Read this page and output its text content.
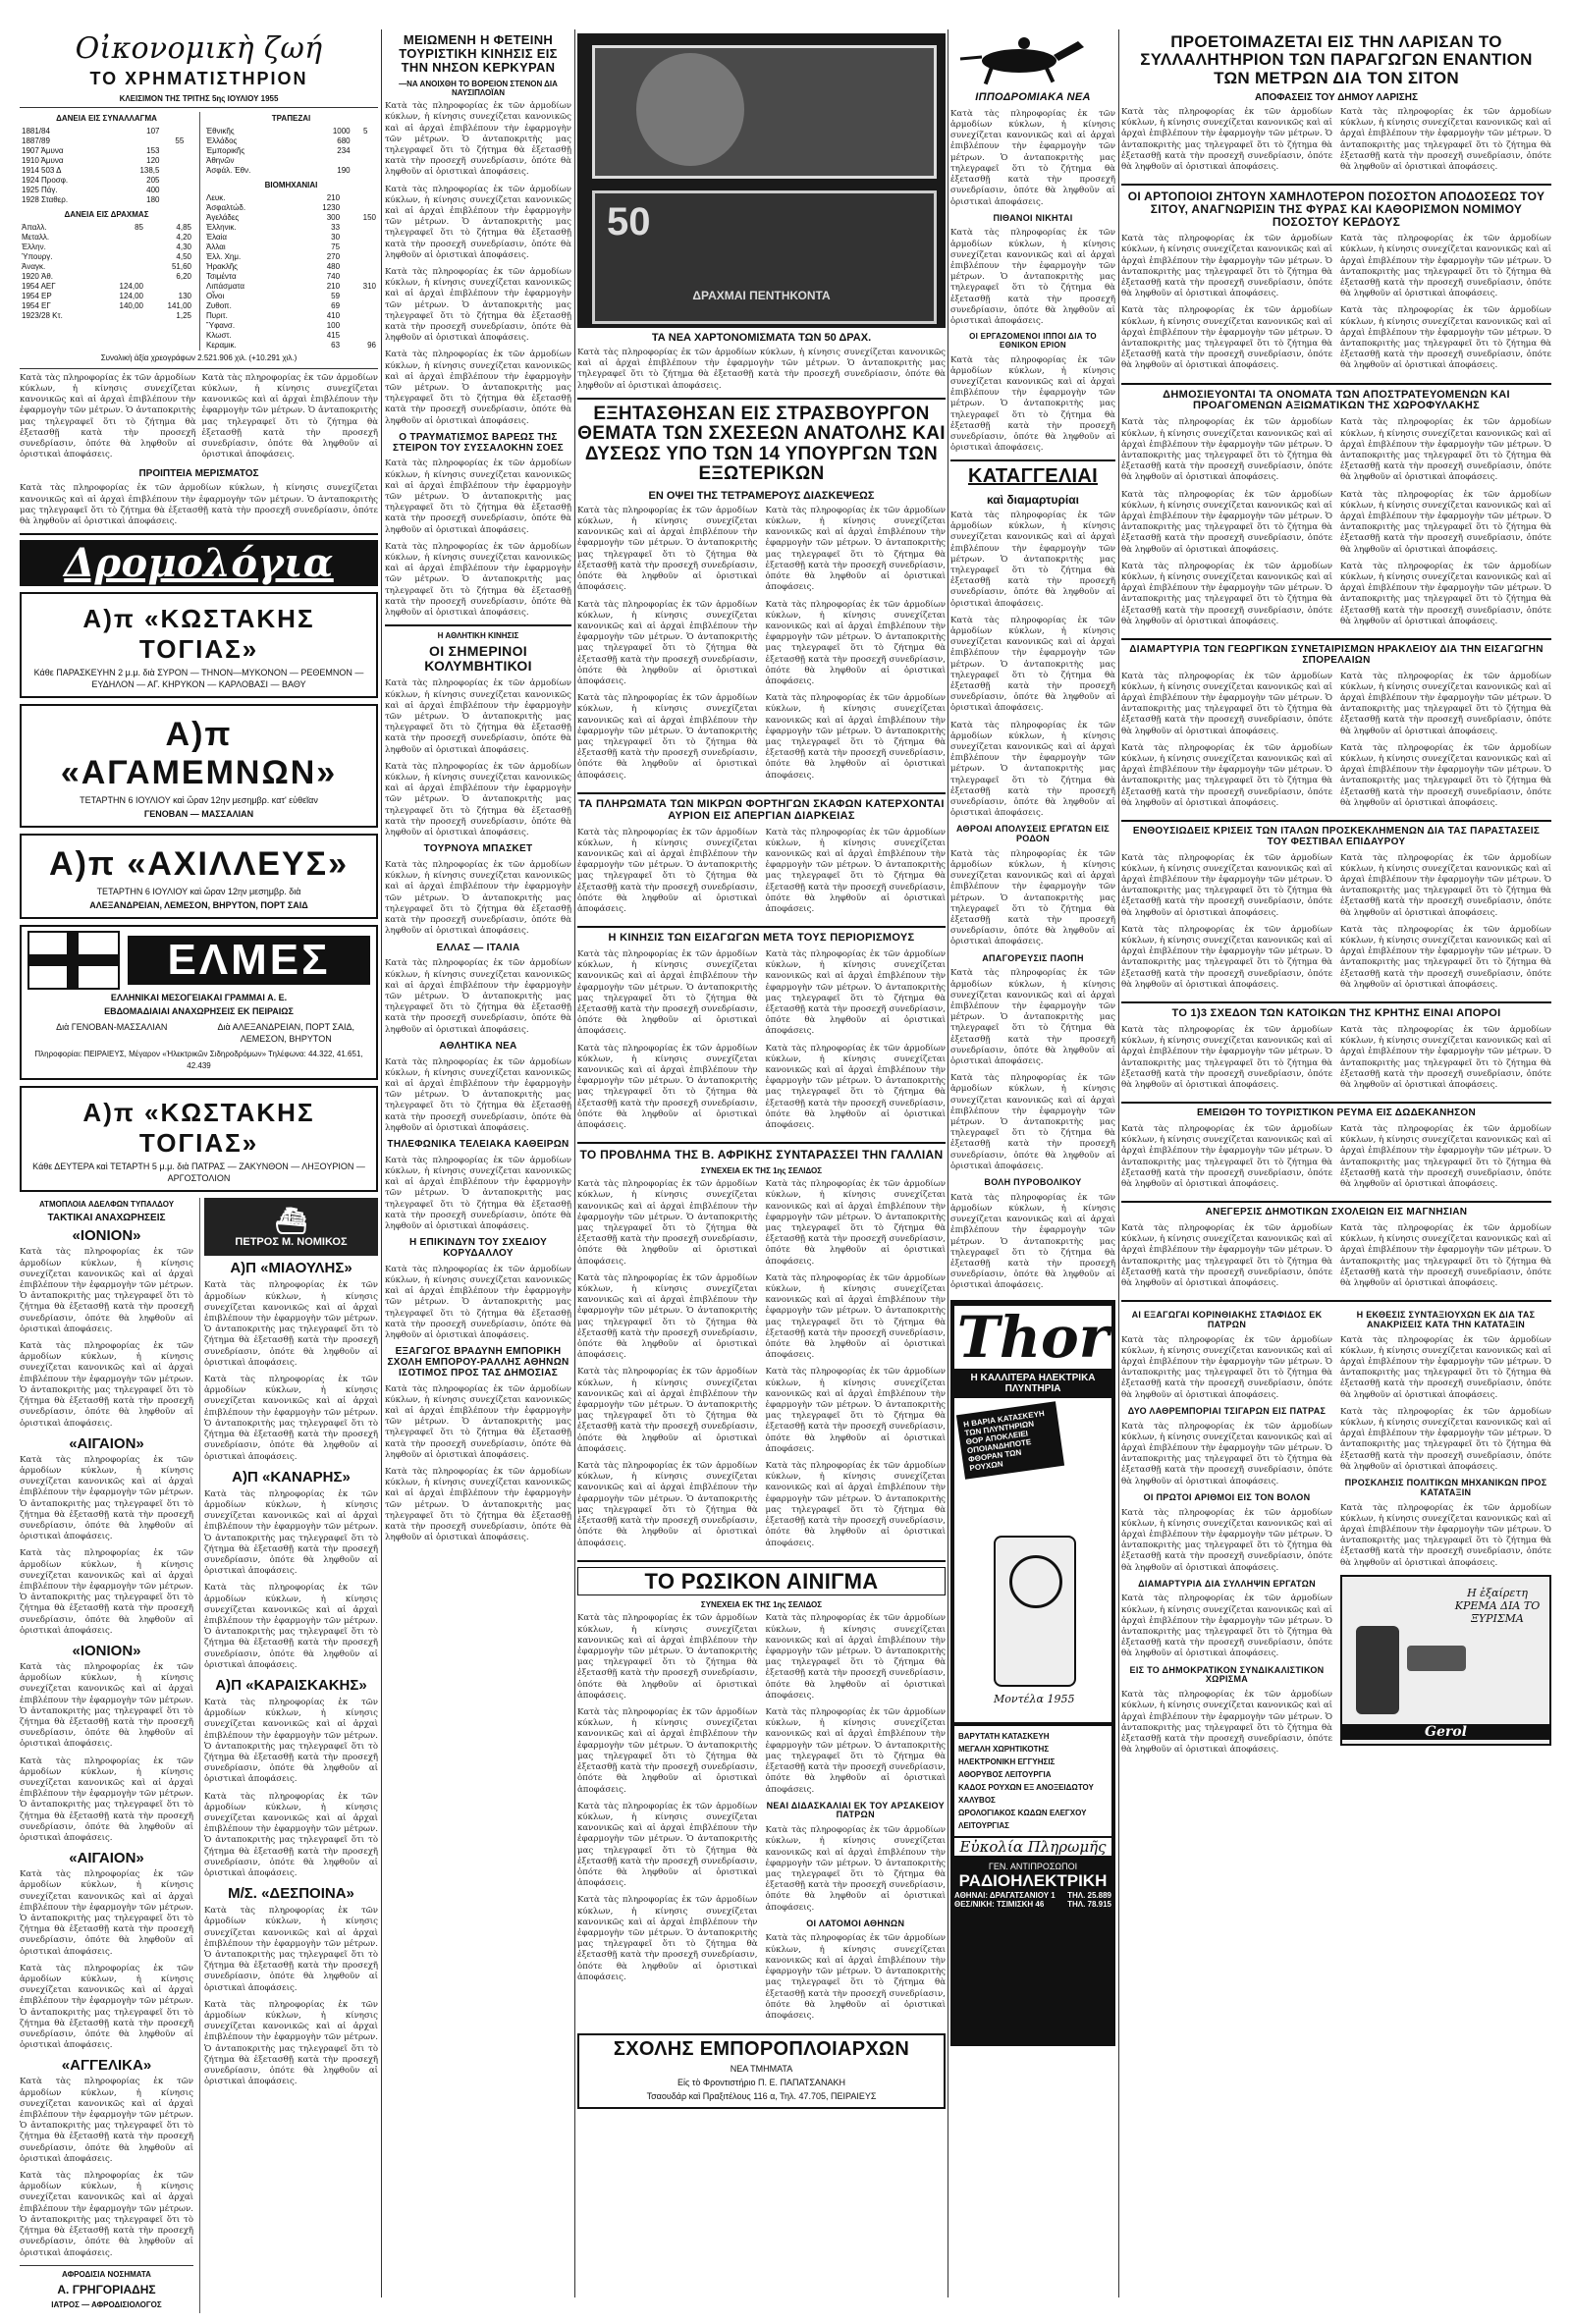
Οἰκονομικὴ ζωή
ΤΟ ΧΡΗΜΑΤΙΣΤΗΡΙΟΝ
ΚΛΕΙΣΙΜΟΝ ΤΗΣ ΤΡΙΤΗΣ 5ης ΙΟΥΛΙΟΥ 1955
ΔΑΝΕΙΑ ΕΙΣ ΣΥΝΑΛΛΑΓΜΑ
1881/84	107		
1887/89		55	
1907 Άμυνα	153		
1910 Άμυνα	120		
1914 503 Δ	138,5		
1924 Προσφ.	205		
1925 Πάγ.	400		
1928 Σταθερ.	180		
ΔΑΝΕΙΑ ΕΙΣ ΔΡΑΧΜΑΣ
Ἀπαλλ.	85	4,85
Μεταλλ.		4,20
Ἐλλην.		4,30
Ὑπουργ.		4,50
Ἀναγκ.		51,60
1920 Ἀθ.		6,20
1954 ΑΕΓ	124,00	
1954 ΕΡ	124,00	130
1954 ΕΓ	140,00	141,00
1923/28 Κτ.		1,25
ΤΡΑΠΕΖΑΙ
Ἐθνικῆς	1000	5	
Ἑλλάδος	680		
Ἐμπορικῆς	234		
Ἀθηνῶν			
Ἀσφάλ. Ἐθν.	190		
ΒΙΟΜΗΧΑΝΙΑΙ
Λευκ.	210	
Ἀσφαλτώδ.	1230	
Ἀγελάδες	300	150
Ἐλληνικ.	33	
Ἐλαία	30	
Ἀλλαι	75	
Ἐλλ. Χημ.	270	
Ἡρακλῆς	480	
Τσιμέντα	740	
Λιπάσματα	210	310
Οἶνοι	59	
Ζυθοπ.	69	
Πυριτ.	410	
Ὕφανσ.	100	
Κλωστ.	415	
Κεραμικ.	63	96
Συνολικὴ ἀξία χρεογράφων 2.521.906 χιλ. (+10.291 χιλ.)

Κατὰ τὰς πληροφορίας ἐκ τῶν ἁρμοδίων κύκλων, ἡ κίνησις συνεχίζεται κανονικῶς καὶ αἱ ἀρχαὶ ἐπιβλέπουν τὴν ἐφαρμογὴν τῶν μέτρων. Ὁ ἀνταποκριτὴς μας τηλεγραφεῖ ὅτι τὸ ζήτημα θὰ ἐξετασθῇ κατὰ τὴν προσεχῆ συνεδρίασιν, ὁπότε θὰ ληφθοῦν αἱ ὁριστικαὶ ἀποφάσεις.

Κατὰ τὰς πληροφορίας ἐκ τῶν ἁρμοδίων κύκλων, ἡ κίνησις συνεχίζεται κανονικῶς καὶ αἱ ἀρχαὶ ἐπιβλέπουν τὴν ἐφαρμογὴν τῶν μέτρων. Ὁ ἀνταποκριτὴς μας τηλεγραφεῖ ὅτι τὸ ζήτημα θὰ ἐξετασθῇ κατὰ τὴν προσεχῆ συνεδρίασιν, ὁπότε θὰ ληφθοῦν αἱ ὁριστικαὶ ἀποφάσεις.

ΠΡΟΙΠΤΕΙΑ ΜΕΡΙΣΜΑΤΟΣ

Κατὰ τὰς πληροφορίας ἐκ τῶν ἁρμοδίων κύκλων, ἡ κίνησις συνεχίζεται κανονικῶς καὶ αἱ ἀρχαὶ ἐπιβλέπουν τὴν ἐφαρμογὴν τῶν μέτρων. Ὁ ἀνταποκριτὴς μας τηλεγραφεῖ ὅτι τὸ ζήτημα θὰ ἐξετασθῇ κατὰ τὴν προσεχῆ συνεδρίασιν, ὁπότε θὰ ληφθοῦν αἱ ὁριστικαὶ ἀποφάσεις.

Δρομολόγια
Α)π «ΚΩΣΤΑΚΗΣ ΤΟΓΙΑΣ»
Κάθε ΠΑΡΑΣΚΕΥΗΝ 2 μ.μ. διὰ ΣΥΡΟΝ — ΤΗΝΟΝ—ΜΥΚΟΝΟΝ — ΡΕΘΕΜΝΟΝ — ΕΥΔΗΛΟΝ — ΑΓ. ΚΗΡΥΚΟΝ — ΚΑΡΛΟΒΑΣΙ — ΒΑΘΥ
Α)π «ΑΓΑΜΕΜΝΩΝ»
ΤΕΤΑΡΤΗΝ 6 ΙΟΥΛΙΟΥ καὶ ὥραν 12ην μεσημβρ. κατ' εὐθεῖαν
ΓΕΝΟΒΑΝ — ΜΑΣΣΑΛΙΑΝ
Α)π «ΑΧΙΛΛΕΥΣ»
ΤΕΤΑΡΤΗΝ 6 ΙΟΥΛΙΟΥ καὶ ὥραν 12ην μεσημβρ. διὰ
ΑΛΕΞΑΝΔΡΕΙΑΝ, ΛΕΜΕΣΟΝ, ΒΗΡΥΤΟΝ, ΠΟΡΤ ΣΑΙΔ
ΕΛΜΕΣ
ΕΛΛΗΝΙΚΑΙ ΜΕΣΟΓΕΙΑΚΑΙ ΓΡΑΜΜΑΙ Α. Ε.
ΕΒΔΟΜΑΔΙΑΙΑΙ ΑΝΑΧΩΡΗΣΕΙΣ ΕΚ ΠΕΙΡΑΙΩΣ
Διὰ ΓΕΝΟΒΑΝ-ΜΑΣΣΑΛΙΑΝ	Διὰ ΑΛΕΞΑΝΔΡΕΙΑΝ, ΠΟΡΤ ΣΑΙΔ, ΛΕΜΕΣΟΝ, ΒΗΡΥΤΟΝ
Πληροφορίαι: ΠΕΙΡΑΙΕΥΣ, Μέγαρον «Ἠλεκτρικῶν Σιδηροδρόμων» Τηλέφωνα: 44.322, 41.651, 42.439
Α)π «ΚΩΣΤΑΚΗΣ ΤΟΓΙΑΣ»
Κάθε ΔΕΥΤΕΡΑ καὶ ΤΕΤΑΡΤΗ 5 μ.μ. διὰ ΠΑΤΡΑΣ — ΖΑΚΥΝΘΟΝ — ΛΗΞΟΥΡΙΟΝ — ΑΡΓΟΣΤΟΛΙΟΝ
ΑΤΜΟΠΛΟΙΑ ΑΔΕΛΦΩΝ ΤΥΠΑΛΔΟΥ
ΤΑΚΤΙΚΑΙ ΑΝΑΧΩΡΗΣΕΙΣ
«ΙΟΝΙΟΝ»

Κατὰ τὰς πληροφορίας ἐκ τῶν ἁρμοδίων κύκλων, ἡ κίνησις συνεχίζεται κανονικῶς καὶ αἱ ἀρχαὶ ἐπιβλέπουν τὴν ἐφαρμογὴν τῶν μέτρων. Ὁ ἀνταποκριτὴς μας τηλεγραφεῖ ὅτι τὸ ζήτημα θὰ ἐξετασθῇ κατὰ τὴν προσεχῆ συνεδρίασιν, ὁπότε θὰ ληφθοῦν αἱ ὁριστικαὶ ἀποφάσεις.

Κατὰ τὰς πληροφορίας ἐκ τῶν ἁρμοδίων κύκλων, ἡ κίνησις συνεχίζεται κανονικῶς καὶ αἱ ἀρχαὶ ἐπιβλέπουν τὴν ἐφαρμογὴν τῶν μέτρων. Ὁ ἀνταποκριτὴς μας τηλεγραφεῖ ὅτι τὸ ζήτημα θὰ ἐξετασθῇ κατὰ τὴν προσεχῆ συνεδρίασιν, ὁπότε θὰ ληφθοῦν αἱ ὁριστικαὶ ἀποφάσεις.

«ΑΙΓΑΙΟΝ»

Κατὰ τὰς πληροφορίας ἐκ τῶν ἁρμοδίων κύκλων, ἡ κίνησις συνεχίζεται κανονικῶς καὶ αἱ ἀρχαὶ ἐπιβλέπουν τὴν ἐφαρμογὴν τῶν μέτρων. Ὁ ἀνταποκριτὴς μας τηλεγραφεῖ ὅτι τὸ ζήτημα θὰ ἐξετασθῇ κατὰ τὴν προσεχῆ συνεδρίασιν, ὁπότε θὰ ληφθοῦν αἱ ὁριστικαὶ ἀποφάσεις.

Κατὰ τὰς πληροφορίας ἐκ τῶν ἁρμοδίων κύκλων, ἡ κίνησις συνεχίζεται κανονικῶς καὶ αἱ ἀρχαὶ ἐπιβλέπουν τὴν ἐφαρμογὴν τῶν μέτρων. Ὁ ἀνταποκριτὴς μας τηλεγραφεῖ ὅτι τὸ ζήτημα θὰ ἐξετασθῇ κατὰ τὴν προσεχῆ συνεδρίασιν, ὁπότε θὰ ληφθοῦν αἱ ὁριστικαὶ ἀποφάσεις.

«ΙΟΝΙΟΝ»

Κατὰ τὰς πληροφορίας ἐκ τῶν ἁρμοδίων κύκλων, ἡ κίνησις συνεχίζεται κανονικῶς καὶ αἱ ἀρχαὶ ἐπιβλέπουν τὴν ἐφαρμογὴν τῶν μέτρων. Ὁ ἀνταποκριτὴς μας τηλεγραφεῖ ὅτι τὸ ζήτημα θὰ ἐξετασθῇ κατὰ τὴν προσεχῆ συνεδρίασιν, ὁπότε θὰ ληφθοῦν αἱ ὁριστικαὶ ἀποφάσεις.

Κατὰ τὰς πληροφορίας ἐκ τῶν ἁρμοδίων κύκλων, ἡ κίνησις συνεχίζεται κανονικῶς καὶ αἱ ἀρχαὶ ἐπιβλέπουν τὴν ἐφαρμογὴν τῶν μέτρων. Ὁ ἀνταποκριτὴς μας τηλεγραφεῖ ὅτι τὸ ζήτημα θὰ ἐξετασθῇ κατὰ τὴν προσεχῆ συνεδρίασιν, ὁπότε θὰ ληφθοῦν αἱ ὁριστικαὶ ἀποφάσεις.

«ΑΙΓΑΙΟΝ»

Κατὰ τὰς πληροφορίας ἐκ τῶν ἁρμοδίων κύκλων, ἡ κίνησις συνεχίζεται κανονικῶς καὶ αἱ ἀρχαὶ ἐπιβλέπουν τὴν ἐφαρμογὴν τῶν μέτρων. Ὁ ἀνταποκριτὴς μας τηλεγραφεῖ ὅτι τὸ ζήτημα θὰ ἐξετασθῇ κατὰ τὴν προσεχῆ συνεδρίασιν, ὁπότε θὰ ληφθοῦν αἱ ὁριστικαὶ ἀποφάσεις.

Κατὰ τὰς πληροφορίας ἐκ τῶν ἁρμοδίων κύκλων, ἡ κίνησις συνεχίζεται κανονικῶς καὶ αἱ ἀρχαὶ ἐπιβλέπουν τὴν ἐφαρμογὴν τῶν μέτρων. Ὁ ἀνταποκριτὴς μας τηλεγραφεῖ ὅτι τὸ ζήτημα θὰ ἐξετασθῇ κατὰ τὴν προσεχῆ συνεδρίασιν, ὁπότε θὰ ληφθοῦν αἱ ὁριστικαὶ ἀποφάσεις.

«ΑΓΓΕΛΙΚΑ»

Κατὰ τὰς πληροφορίας ἐκ τῶν ἁρμοδίων κύκλων, ἡ κίνησις συνεχίζεται κανονικῶς καὶ αἱ ἀρχαὶ ἐπιβλέπουν τὴν ἐφαρμογὴν τῶν μέτρων. Ὁ ἀνταποκριτὴς μας τηλεγραφεῖ ὅτι τὸ ζήτημα θὰ ἐξετασθῇ κατὰ τὴν προσεχῆ συνεδρίασιν, ὁπότε θὰ ληφθοῦν αἱ ὁριστικαὶ ἀποφάσεις.

Κατὰ τὰς πληροφορίας ἐκ τῶν ἁρμοδίων κύκλων, ἡ κίνησις συνεχίζεται κανονικῶς καὶ αἱ ἀρχαὶ ἐπιβλέπουν τὴν ἐφαρμογὴν τῶν μέτρων. Ὁ ἀνταποκριτὴς μας τηλεγραφεῖ ὅτι τὸ ζήτημα θὰ ἐξετασθῇ κατὰ τὴν προσεχῆ συνεδρίασιν, ὁπότε θὰ ληφθοῦν αἱ ὁριστικαὶ ἀποφάσεις.

ΑΦΡΟΔΙΣΙΑ ΝΟΣΗΜΑΤΑ
Α. ΓΡΗΓΟΡΙΑΔΗΣ
ΙΑΤΡΟΣ — ΑΦΡΟΔΙΣΙΟΛΟΓΟΣ
⛴
ΠΕΤΡΟΣ Μ. ΝΟΜΙΚΟΣ
Α)Π «ΜΙΑΟΥΛΗΣ»

Κατὰ τὰς πληροφορίας ἐκ τῶν ἁρμοδίων κύκλων, ἡ κίνησις συνεχίζεται κανονικῶς καὶ αἱ ἀρχαὶ ἐπιβλέπουν τὴν ἐφαρμογὴν τῶν μέτρων. Ὁ ἀνταποκριτὴς μας τηλεγραφεῖ ὅτι τὸ ζήτημα θὰ ἐξετασθῇ κατὰ τὴν προσεχῆ συνεδρίασιν, ὁπότε θὰ ληφθοῦν αἱ ὁριστικαὶ ἀποφάσεις.

Κατὰ τὰς πληροφορίας ἐκ τῶν ἁρμοδίων κύκλων, ἡ κίνησις συνεχίζεται κανονικῶς καὶ αἱ ἀρχαὶ ἐπιβλέπουν τὴν ἐφαρμογὴν τῶν μέτρων. Ὁ ἀνταποκριτὴς μας τηλεγραφεῖ ὅτι τὸ ζήτημα θὰ ἐξετασθῇ κατὰ τὴν προσεχῆ συνεδρίασιν, ὁπότε θὰ ληφθοῦν αἱ ὁριστικαὶ ἀποφάσεις.

Α)Π «ΚΑΝΑΡΗΣ»

Κατὰ τὰς πληροφορίας ἐκ τῶν ἁρμοδίων κύκλων, ἡ κίνησις συνεχίζεται κανονικῶς καὶ αἱ ἀρχαὶ ἐπιβλέπουν τὴν ἐφαρμογὴν τῶν μέτρων. Ὁ ἀνταποκριτὴς μας τηλεγραφεῖ ὅτι τὸ ζήτημα θὰ ἐξετασθῇ κατὰ τὴν προσεχῆ συνεδρίασιν, ὁπότε θὰ ληφθοῦν αἱ ὁριστικαὶ ἀποφάσεις.

Κατὰ τὰς πληροφορίας ἐκ τῶν ἁρμοδίων κύκλων, ἡ κίνησις συνεχίζεται κανονικῶς καὶ αἱ ἀρχαὶ ἐπιβλέπουν τὴν ἐφαρμογὴν τῶν μέτρων. Ὁ ἀνταποκριτὴς μας τηλεγραφεῖ ὅτι τὸ ζήτημα θὰ ἐξετασθῇ κατὰ τὴν προσεχῆ συνεδρίασιν, ὁπότε θὰ ληφθοῦν αἱ ὁριστικαὶ ἀποφάσεις.

Α)Π «ΚΑΡΑΙΣΚΑΚΗΣ»

Κατὰ τὰς πληροφορίας ἐκ τῶν ἁρμοδίων κύκλων, ἡ κίνησις συνεχίζεται κανονικῶς καὶ αἱ ἀρχαὶ ἐπιβλέπουν τὴν ἐφαρμογὴν τῶν μέτρων. Ὁ ἀνταποκριτὴς μας τηλεγραφεῖ ὅτι τὸ ζήτημα θὰ ἐξετασθῇ κατὰ τὴν προσεχῆ συνεδρίασιν, ὁπότε θὰ ληφθοῦν αἱ ὁριστικαὶ ἀποφάσεις.

Κατὰ τὰς πληροφορίας ἐκ τῶν ἁρμοδίων κύκλων, ἡ κίνησις συνεχίζεται κανονικῶς καὶ αἱ ἀρχαὶ ἐπιβλέπουν τὴν ἐφαρμογὴν τῶν μέτρων. Ὁ ἀνταποκριτὴς μας τηλεγραφεῖ ὅτι τὸ ζήτημα θὰ ἐξετασθῇ κατὰ τὴν προσεχῆ συνεδρίασιν, ὁπότε θὰ ληφθοῦν αἱ ὁριστικαὶ ἀποφάσεις.

Μ/Σ. «ΔΕΣΠΟΙΝΑ»

Κατὰ τὰς πληροφορίας ἐκ τῶν ἁρμοδίων κύκλων, ἡ κίνησις συνεχίζεται κανονικῶς καὶ αἱ ἀρχαὶ ἐπιβλέπουν τὴν ἐφαρμογὴν τῶν μέτρων. Ὁ ἀνταποκριτὴς μας τηλεγραφεῖ ὅτι τὸ ζήτημα θὰ ἐξετασθῇ κατὰ τὴν προσεχῆ συνεδρίασιν, ὁπότε θὰ ληφθοῦν αἱ ὁριστικαὶ ἀποφάσεις.

Κατὰ τὰς πληροφορίας ἐκ τῶν ἁρμοδίων κύκλων, ἡ κίνησις συνεχίζεται κανονικῶς καὶ αἱ ἀρχαὶ ἐπιβλέπουν τὴν ἐφαρμογὴν τῶν μέτρων. Ὁ ἀνταποκριτὴς μας τηλεγραφεῖ ὅτι τὸ ζήτημα θὰ ἐξετασθῇ κατὰ τὴν προσεχῆ συνεδρίασιν, ὁπότε θὰ ληφθοῦν αἱ ὁριστικαὶ ἀποφάσεις.

ΜΕΙΩΜΕΝΗ Η ΦΕΤΕΙΝΗ ΤΟΥΡΙΣΤΙΚΗ ΚΙΝΗΣΙΣ ΕΙΣ ΤΗΝ ΝΗΣΟΝ ΚΕΡΚΥΡΑΝ
—ΝΑ ΑΝΟΙΧΘΗ ΤΟ ΒΟΡΕΙΟΝ ΣΤΕΝΟΝ ΔΙΑ ΝΑΥΣΙΠΛΟΪΑΝ

Κατὰ τὰς πληροφορίας ἐκ τῶν ἁρμοδίων κύκλων, ἡ κίνησις συνεχίζεται κανονικῶς καὶ αἱ ἀρχαὶ ἐπιβλέπουν τὴν ἐφαρμογὴν τῶν μέτρων. Ὁ ἀνταποκριτὴς μας τηλεγραφεῖ ὅτι τὸ ζήτημα θὰ ἐξετασθῇ κατὰ τὴν προσεχῆ συνεδρίασιν, ὁπότε θὰ ληφθοῦν αἱ ὁριστικαὶ ἀποφάσεις.

Κατὰ τὰς πληροφορίας ἐκ τῶν ἁρμοδίων κύκλων, ἡ κίνησις συνεχίζεται κανονικῶς καὶ αἱ ἀρχαὶ ἐπιβλέπουν τὴν ἐφαρμογὴν τῶν μέτρων. Ὁ ἀνταποκριτὴς μας τηλεγραφεῖ ὅτι τὸ ζήτημα θὰ ἐξετασθῇ κατὰ τὴν προσεχῆ συνεδρίασιν, ὁπότε θὰ ληφθοῦν αἱ ὁριστικαὶ ἀποφάσεις.

Κατὰ τὰς πληροφορίας ἐκ τῶν ἁρμοδίων κύκλων, ἡ κίνησις συνεχίζεται κανονικῶς καὶ αἱ ἀρχαὶ ἐπιβλέπουν τὴν ἐφαρμογὴν τῶν μέτρων. Ὁ ἀνταποκριτὴς μας τηλεγραφεῖ ὅτι τὸ ζήτημα θὰ ἐξετασθῇ κατὰ τὴν προσεχῆ συνεδρίασιν, ὁπότε θὰ ληφθοῦν αἱ ὁριστικαὶ ἀποφάσεις.

Κατὰ τὰς πληροφορίας ἐκ τῶν ἁρμοδίων κύκλων, ἡ κίνησις συνεχίζεται κανονικῶς καὶ αἱ ἀρχαὶ ἐπιβλέπουν τὴν ἐφαρμογὴν τῶν μέτρων. Ὁ ἀνταποκριτὴς μας τηλεγραφεῖ ὅτι τὸ ζήτημα θὰ ἐξετασθῇ κατὰ τὴν προσεχῆ συνεδρίασιν, ὁπότε θὰ ληφθοῦν αἱ ὁριστικαὶ ἀποφάσεις.

Ο ΤΡΑΥΜΑΤΙΣΜΟΣ ΒΑΡΕΩΣ ΤΗΣ ΣΤΕΙΡΟΝ ΤΟΥ ΣΥΣΣΑΛΟΚΗΝ ΣΟΕΣ

Κατὰ τὰς πληροφορίας ἐκ τῶν ἁρμοδίων κύκλων, ἡ κίνησις συνεχίζεται κανονικῶς καὶ αἱ ἀρχαὶ ἐπιβλέπουν τὴν ἐφαρμογὴν τῶν μέτρων. Ὁ ἀνταποκριτὴς μας τηλεγραφεῖ ὅτι τὸ ζήτημα θὰ ἐξετασθῇ κατὰ τὴν προσεχῆ συνεδρίασιν, ὁπότε θὰ ληφθοῦν αἱ ὁριστικαὶ ἀποφάσεις.

Κατὰ τὰς πληροφορίας ἐκ τῶν ἁρμοδίων κύκλων, ἡ κίνησις συνεχίζεται κανονικῶς καὶ αἱ ἀρχαὶ ἐπιβλέπουν τὴν ἐφαρμογὴν τῶν μέτρων. Ὁ ἀνταποκριτὴς μας τηλεγραφεῖ ὅτι τὸ ζήτημα θὰ ἐξετασθῇ κατὰ τὴν προσεχῆ συνεδρίασιν, ὁπότε θὰ ληφθοῦν αἱ ὁριστικαὶ ἀποφάσεις.

Η ΑΘΛΗΤΙΚΗ ΚΙΝΗΣΙΣ
ΟΙ ΣΗΜΕΡΙΝΟΙ ΚΟΛΥΜΒΗΤΙΚΟΙ

Κατὰ τὰς πληροφορίας ἐκ τῶν ἁρμοδίων κύκλων, ἡ κίνησις συνεχίζεται κανονικῶς καὶ αἱ ἀρχαὶ ἐπιβλέπουν τὴν ἐφαρμογὴν τῶν μέτρων. Ὁ ἀνταποκριτὴς μας τηλεγραφεῖ ὅτι τὸ ζήτημα θὰ ἐξετασθῇ κατὰ τὴν προσεχῆ συνεδρίασιν, ὁπότε θὰ ληφθοῦν αἱ ὁριστικαὶ ἀποφάσεις.

Κατὰ τὰς πληροφορίας ἐκ τῶν ἁρμοδίων κύκλων, ἡ κίνησις συνεχίζεται κανονικῶς καὶ αἱ ἀρχαὶ ἐπιβλέπουν τὴν ἐφαρμογὴν τῶν μέτρων. Ὁ ἀνταποκριτὴς μας τηλεγραφεῖ ὅτι τὸ ζήτημα θὰ ἐξετασθῇ κατὰ τὴν προσεχῆ συνεδρίασιν, ὁπότε θὰ ληφθοῦν αἱ ὁριστικαὶ ἀποφάσεις.

ΤΟΥΡΝΟΥΑ ΜΠΑΣΚΕΤ

Κατὰ τὰς πληροφορίας ἐκ τῶν ἁρμοδίων κύκλων, ἡ κίνησις συνεχίζεται κανονικῶς καὶ αἱ ἀρχαὶ ἐπιβλέπουν τὴν ἐφαρμογὴν τῶν μέτρων. Ὁ ἀνταποκριτὴς μας τηλεγραφεῖ ὅτι τὸ ζήτημα θὰ ἐξετασθῇ κατὰ τὴν προσεχῆ συνεδρίασιν, ὁπότε θὰ ληφθοῦν αἱ ὁριστικαὶ ἀποφάσεις.

ΕΛΛΑΣ — ΙΤΑΛΙΑ

Κατὰ τὰς πληροφορίας ἐκ τῶν ἁρμοδίων κύκλων, ἡ κίνησις συνεχίζεται κανονικῶς καὶ αἱ ἀρχαὶ ἐπιβλέπουν τὴν ἐφαρμογὴν τῶν μέτρων. Ὁ ἀνταποκριτὴς μας τηλεγραφεῖ ὅτι τὸ ζήτημα θὰ ἐξετασθῇ κατὰ τὴν προσεχῆ συνεδρίασιν, ὁπότε θὰ ληφθοῦν αἱ ὁριστικαὶ ἀποφάσεις.

ΑΘΛΗΤΙΚΑ ΝΕΑ

Κατὰ τὰς πληροφορίας ἐκ τῶν ἁρμοδίων κύκλων, ἡ κίνησις συνεχίζεται κανονικῶς καὶ αἱ ἀρχαὶ ἐπιβλέπουν τὴν ἐφαρμογὴν τῶν μέτρων. Ὁ ἀνταποκριτὴς μας τηλεγραφεῖ ὅτι τὸ ζήτημα θὰ ἐξετασθῇ κατὰ τὴν προσεχῆ συνεδρίασιν, ὁπότε θὰ ληφθοῦν αἱ ὁριστικαὶ ἀποφάσεις.

ΤΗΛΕΦΩΝΙΚΑ ΤΕΛΕΙΑΚΑ ΚΑΘΕΙΡΩΝ

Κατὰ τὰς πληροφορίας ἐκ τῶν ἁρμοδίων κύκλων, ἡ κίνησις συνεχίζεται κανονικῶς καὶ αἱ ἀρχαὶ ἐπιβλέπουν τὴν ἐφαρμογὴν τῶν μέτρων. Ὁ ἀνταποκριτὴς μας τηλεγραφεῖ ὅτι τὸ ζήτημα θὰ ἐξετασθῇ κατὰ τὴν προσεχῆ συνεδρίασιν, ὁπότε θὰ ληφθοῦν αἱ ὁριστικαὶ ἀποφάσεις.

Η ΕΠΙΚΙΝΔΥΝ ΤΟΥ ΣΧΕΔΙΟΥ ΚΟΡΥΔΑΛΛΟΥ

Κατὰ τὰς πληροφορίας ἐκ τῶν ἁρμοδίων κύκλων, ἡ κίνησις συνεχίζεται κανονικῶς καὶ αἱ ἀρχαὶ ἐπιβλέπουν τὴν ἐφαρμογὴν τῶν μέτρων. Ὁ ἀνταποκριτὴς μας τηλεγραφεῖ ὅτι τὸ ζήτημα θὰ ἐξετασθῇ κατὰ τὴν προσεχῆ συνεδρίασιν, ὁπότε θὰ ληφθοῦν αἱ ὁριστικαὶ ἀποφάσεις.

ΕΞΑΓΩΓΟΣ ΒΡΑΔΥΝΗ ΕΜΠΟΡΙΚΗ ΣΧΟΛΗ ΕΜΠΟΡΟΥ-ΡΑΛΛΗΣ ΑΘΗΝΩΝ ΙΣΟΤΙΜΟΣ ΠΡΟΣ ΤΑΣ ΔΗΜΟΣΙΑΣ

Κατὰ τὰς πληροφορίας ἐκ τῶν ἁρμοδίων κύκλων, ἡ κίνησις συνεχίζεται κανονικῶς καὶ αἱ ἀρχαὶ ἐπιβλέπουν τὴν ἐφαρμογὴν τῶν μέτρων. Ὁ ἀνταποκριτὴς μας τηλεγραφεῖ ὅτι τὸ ζήτημα θὰ ἐξετασθῇ κατὰ τὴν προσεχῆ συνεδρίασιν, ὁπότε θὰ ληφθοῦν αἱ ὁριστικαὶ ἀποφάσεις.

Κατὰ τὰς πληροφορίας ἐκ τῶν ἁρμοδίων κύκλων, ἡ κίνησις συνεχίζεται κανονικῶς καὶ αἱ ἀρχαὶ ἐπιβλέπουν τὴν ἐφαρμογὴν τῶν μέτρων. Ὁ ἀνταποκριτὴς μας τηλεγραφεῖ ὅτι τὸ ζήτημα θὰ ἐξετασθῇ κατὰ τὴν προσεχῆ συνεδρίασιν, ὁπότε θὰ ληφθοῦν αἱ ὁριστικαὶ ἀποφάσεις.

ΔΡΑΧΜΑΙ ΠΕΝΤΗΚΟΝΤΑ
50
ΤΑ ΝΕΑ ΧΑΡΤΟΝΟΜΙΣΜΑΤΑ ΤΩΝ 50 ΔΡΑΧ.

Κατὰ τὰς πληροφορίας ἐκ τῶν ἁρμοδίων κύκλων, ἡ κίνησις συνεχίζεται κανονικῶς καὶ αἱ ἀρχαὶ ἐπιβλέπουν τὴν ἐφαρμογὴν τῶν μέτρων. Ὁ ἀνταποκριτὴς μας τηλεγραφεῖ ὅτι τὸ ζήτημα θὰ ἐξετασθῇ κατὰ τὴν προσεχῆ συνεδρίασιν, ὁπότε θὰ ληφθοῦν αἱ ὁριστικαὶ ἀποφάσεις.

ΕΞΗΤΑΣΘΗΣΑΝ ΕΙΣ ΣΤΡΑΣΒΟΥΡΓΟΝ ΘΕΜΑΤΑ ΤΩΝ ΣΧΕΣΕΩΝ ΑΝΑΤΟΛΗΣ ΚΑΙ ΔΥΣΕΩΣ ΥΠΟ ΤΩΝ 14 ΥΠΟΥΡΓΩΝ ΤΩΝ ΕΞΩΤΕΡΙΚΩΝ
ΕΝ ΟΨΕΙ ΤΗΣ ΤΕΤΡΑΜΕΡΟΥΣ ΔΙΑΣΚΕΨΕΩΣ

Κατὰ τὰς πληροφορίας ἐκ τῶν ἁρμοδίων κύκλων, ἡ κίνησις συνεχίζεται κανονικῶς καὶ αἱ ἀρχαὶ ἐπιβλέπουν τὴν ἐφαρμογὴν τῶν μέτρων. Ὁ ἀνταποκριτὴς μας τηλεγραφεῖ ὅτι τὸ ζήτημα θὰ ἐξετασθῇ κατὰ τὴν προσεχῆ συνεδρίασιν, ὁπότε θὰ ληφθοῦν αἱ ὁριστικαὶ ἀποφάσεις.

Κατὰ τὰς πληροφορίας ἐκ τῶν ἁρμοδίων κύκλων, ἡ κίνησις συνεχίζεται κανονικῶς καὶ αἱ ἀρχαὶ ἐπιβλέπουν τὴν ἐφαρμογὴν τῶν μέτρων. Ὁ ἀνταποκριτὴς μας τηλεγραφεῖ ὅτι τὸ ζήτημα θὰ ἐξετασθῇ κατὰ τὴν προσεχῆ συνεδρίασιν, ὁπότε θὰ ληφθοῦν αἱ ὁριστικαὶ ἀποφάσεις.

Κατὰ τὰς πληροφορίας ἐκ τῶν ἁρμοδίων κύκλων, ἡ κίνησις συνεχίζεται κανονικῶς καὶ αἱ ἀρχαὶ ἐπιβλέπουν τὴν ἐφαρμογὴν τῶν μέτρων. Ὁ ἀνταποκριτὴς μας τηλεγραφεῖ ὅτι τὸ ζήτημα θὰ ἐξετασθῇ κατὰ τὴν προσεχῆ συνεδρίασιν, ὁπότε θὰ ληφθοῦν αἱ ὁριστικαὶ ἀποφάσεις.

Κατὰ τὰς πληροφορίας ἐκ τῶν ἁρμοδίων κύκλων, ἡ κίνησις συνεχίζεται κανονικῶς καὶ αἱ ἀρχαὶ ἐπιβλέπουν τὴν ἐφαρμογὴν τῶν μέτρων. Ὁ ἀνταποκριτὴς μας τηλεγραφεῖ ὅτι τὸ ζήτημα θὰ ἐξετασθῇ κατὰ τὴν προσεχῆ συνεδρίασιν, ὁπότε θὰ ληφθοῦν αἱ ὁριστικαὶ ἀποφάσεις.

Κατὰ τὰς πληροφορίας ἐκ τῶν ἁρμοδίων κύκλων, ἡ κίνησις συνεχίζεται κανονικῶς καὶ αἱ ἀρχαὶ ἐπιβλέπουν τὴν ἐφαρμογὴν τῶν μέτρων. Ὁ ἀνταποκριτὴς μας τηλεγραφεῖ ὅτι τὸ ζήτημα θὰ ἐξετασθῇ κατὰ τὴν προσεχῆ συνεδρίασιν, ὁπότε θὰ ληφθοῦν αἱ ὁριστικαὶ ἀποφάσεις.

Κατὰ τὰς πληροφορίας ἐκ τῶν ἁρμοδίων κύκλων, ἡ κίνησις συνεχίζεται κανονικῶς καὶ αἱ ἀρχαὶ ἐπιβλέπουν τὴν ἐφαρμογὴν τῶν μέτρων. Ὁ ἀνταποκριτὴς μας τηλεγραφεῖ ὅτι τὸ ζήτημα θὰ ἐξετασθῇ κατὰ τὴν προσεχῆ συνεδρίασιν, ὁπότε θὰ ληφθοῦν αἱ ὁριστικαὶ ἀποφάσεις.

ΤΑ ΠΛΗΡΩΜΑΤΑ ΤΩΝ ΜΙΚΡΩΝ ΦΟΡΤΗΓΩΝ ΣΚΑΦΩΝ ΚΑΤΕΡΧΟΝΤΑΙ ΑΥΡΙΟΝ ΕΙΣ ΑΠΕΡΓΙΑΝ ΔΙΑΡΚΕΙΑΣ

Κατὰ τὰς πληροφορίας ἐκ τῶν ἁρμοδίων κύκλων, ἡ κίνησις συνεχίζεται κανονικῶς καὶ αἱ ἀρχαὶ ἐπιβλέπουν τὴν ἐφαρμογὴν τῶν μέτρων. Ὁ ἀνταποκριτὴς μας τηλεγραφεῖ ὅτι τὸ ζήτημα θὰ ἐξετασθῇ κατὰ τὴν προσεχῆ συνεδρίασιν, ὁπότε θὰ ληφθοῦν αἱ ὁριστικαὶ ἀποφάσεις.

Κατὰ τὰς πληροφορίας ἐκ τῶν ἁρμοδίων κύκλων, ἡ κίνησις συνεχίζεται κανονικῶς καὶ αἱ ἀρχαὶ ἐπιβλέπουν τὴν ἐφαρμογὴν τῶν μέτρων. Ὁ ἀνταποκριτὴς μας τηλεγραφεῖ ὅτι τὸ ζήτημα θὰ ἐξετασθῇ κατὰ τὴν προσεχῆ συνεδρίασιν, ὁπότε θὰ ληφθοῦν αἱ ὁριστικαὶ ἀποφάσεις.

Η ΚΙΝΗΣΙΣ ΤΩΝ ΕΙΣΑΓΩΓΩΝ ΜΕΤΑ ΤΟΥΣ ΠΕΡΙΟΡΙΣΜΟΥΣ

Κατὰ τὰς πληροφορίας ἐκ τῶν ἁρμοδίων κύκλων, ἡ κίνησις συνεχίζεται κανονικῶς καὶ αἱ ἀρχαὶ ἐπιβλέπουν τὴν ἐφαρμογὴν τῶν μέτρων. Ὁ ἀνταποκριτὴς μας τηλεγραφεῖ ὅτι τὸ ζήτημα θὰ ἐξετασθῇ κατὰ τὴν προσεχῆ συνεδρίασιν, ὁπότε θὰ ληφθοῦν αἱ ὁριστικαὶ ἀποφάσεις.

Κατὰ τὰς πληροφορίας ἐκ τῶν ἁρμοδίων κύκλων, ἡ κίνησις συνεχίζεται κανονικῶς καὶ αἱ ἀρχαὶ ἐπιβλέπουν τὴν ἐφαρμογὴν τῶν μέτρων. Ὁ ἀνταποκριτὴς μας τηλεγραφεῖ ὅτι τὸ ζήτημα θὰ ἐξετασθῇ κατὰ τὴν προσεχῆ συνεδρίασιν, ὁπότε θὰ ληφθοῦν αἱ ὁριστικαὶ ἀποφάσεις.

Κατὰ τὰς πληροφορίας ἐκ τῶν ἁρμοδίων κύκλων, ἡ κίνησις συνεχίζεται κανονικῶς καὶ αἱ ἀρχαὶ ἐπιβλέπουν τὴν ἐφαρμογὴν τῶν μέτρων. Ὁ ἀνταποκριτὴς μας τηλεγραφεῖ ὅτι τὸ ζήτημα θὰ ἐξετασθῇ κατὰ τὴν προσεχῆ συνεδρίασιν, ὁπότε θὰ ληφθοῦν αἱ ὁριστικαὶ ἀποφάσεις.

Κατὰ τὰς πληροφορίας ἐκ τῶν ἁρμοδίων κύκλων, ἡ κίνησις συνεχίζεται κανονικῶς καὶ αἱ ἀρχαὶ ἐπιβλέπουν τὴν ἐφαρμογὴν τῶν μέτρων. Ὁ ἀνταποκριτὴς μας τηλεγραφεῖ ὅτι τὸ ζήτημα θὰ ἐξετασθῇ κατὰ τὴν προσεχῆ συνεδρίασιν, ὁπότε θὰ ληφθοῦν αἱ ὁριστικαὶ ἀποφάσεις.

ΤΟ ΠΡΟΒΛΗΜΑ ΤΗΣ Β. ΑΦΡΙΚΗΣ ΣΥΝΤΑΡΑΣΣΕΙ ΤΗΝ ΓΑΛΛΙΑΝ
ΣΥΝΕΧΕΙΑ ΕΚ ΤΗΣ 1ης ΣΕΛΙΔΟΣ

Κατὰ τὰς πληροφορίας ἐκ τῶν ἁρμοδίων κύκλων, ἡ κίνησις συνεχίζεται κανονικῶς καὶ αἱ ἀρχαὶ ἐπιβλέπουν τὴν ἐφαρμογὴν τῶν μέτρων. Ὁ ἀνταποκριτὴς μας τηλεγραφεῖ ὅτι τὸ ζήτημα θὰ ἐξετασθῇ κατὰ τὴν προσεχῆ συνεδρίασιν, ὁπότε θὰ ληφθοῦν αἱ ὁριστικαὶ ἀποφάσεις.

Κατὰ τὰς πληροφορίας ἐκ τῶν ἁρμοδίων κύκλων, ἡ κίνησις συνεχίζεται κανονικῶς καὶ αἱ ἀρχαὶ ἐπιβλέπουν τὴν ἐφαρμογὴν τῶν μέτρων. Ὁ ἀνταποκριτὴς μας τηλεγραφεῖ ὅτι τὸ ζήτημα θὰ ἐξετασθῇ κατὰ τὴν προσεχῆ συνεδρίασιν, ὁπότε θὰ ληφθοῦν αἱ ὁριστικαὶ ἀποφάσεις.

Κατὰ τὰς πληροφορίας ἐκ τῶν ἁρμοδίων κύκλων, ἡ κίνησις συνεχίζεται κανονικῶς καὶ αἱ ἀρχαὶ ἐπιβλέπουν τὴν ἐφαρμογὴν τῶν μέτρων. Ὁ ἀνταποκριτὴς μας τηλεγραφεῖ ὅτι τὸ ζήτημα θὰ ἐξετασθῇ κατὰ τὴν προσεχῆ συνεδρίασιν, ὁπότε θὰ ληφθοῦν αἱ ὁριστικαὶ ἀποφάσεις.

Κατὰ τὰς πληροφορίας ἐκ τῶν ἁρμοδίων κύκλων, ἡ κίνησις συνεχίζεται κανονικῶς καὶ αἱ ἀρχαὶ ἐπιβλέπουν τὴν ἐφαρμογὴν τῶν μέτρων. Ὁ ἀνταποκριτὴς μας τηλεγραφεῖ ὅτι τὸ ζήτημα θὰ ἐξετασθῇ κατὰ τὴν προσεχῆ συνεδρίασιν, ὁπότε θὰ ληφθοῦν αἱ ὁριστικαὶ ἀποφάσεις.

Κατὰ τὰς πληροφορίας ἐκ τῶν ἁρμοδίων κύκλων, ἡ κίνησις συνεχίζεται κανονικῶς καὶ αἱ ἀρχαὶ ἐπιβλέπουν τὴν ἐφαρμογὴν τῶν μέτρων. Ὁ ἀνταποκριτὴς μας τηλεγραφεῖ ὅτι τὸ ζήτημα θὰ ἐξετασθῇ κατὰ τὴν προσεχῆ συνεδρίασιν, ὁπότε θὰ ληφθοῦν αἱ ὁριστικαὶ ἀποφάσεις.

Κατὰ τὰς πληροφορίας ἐκ τῶν ἁρμοδίων κύκλων, ἡ κίνησις συνεχίζεται κανονικῶς καὶ αἱ ἀρχαὶ ἐπιβλέπουν τὴν ἐφαρμογὴν τῶν μέτρων. Ὁ ἀνταποκριτὴς μας τηλεγραφεῖ ὅτι τὸ ζήτημα θὰ ἐξετασθῇ κατὰ τὴν προσεχῆ συνεδρίασιν, ὁπότε θὰ ληφθοῦν αἱ ὁριστικαὶ ἀποφάσεις.

Κατὰ τὰς πληροφορίας ἐκ τῶν ἁρμοδίων κύκλων, ἡ κίνησις συνεχίζεται κανονικῶς καὶ αἱ ἀρχαὶ ἐπιβλέπουν τὴν ἐφαρμογὴν τῶν μέτρων. Ὁ ἀνταποκριτὴς μας τηλεγραφεῖ ὅτι τὸ ζήτημα θὰ ἐξετασθῇ κατὰ τὴν προσεχῆ συνεδρίασιν, ὁπότε θὰ ληφθοῦν αἱ ὁριστικαὶ ἀποφάσεις.

Κατὰ τὰς πληροφορίας ἐκ τῶν ἁρμοδίων κύκλων, ἡ κίνησις συνεχίζεται κανονικῶς καὶ αἱ ἀρχαὶ ἐπιβλέπουν τὴν ἐφαρμογὴν τῶν μέτρων. Ὁ ἀνταποκριτὴς μας τηλεγραφεῖ ὅτι τὸ ζήτημα θὰ ἐξετασθῇ κατὰ τὴν προσεχῆ συνεδρίασιν, ὁπότε θὰ ληφθοῦν αἱ ὁριστικαὶ ἀποφάσεις.

ΤΟ ΡΩΣΙΚΟΝ ΑΙΝΙΓΜΑ
ΣΥΝΕΧΕΙΑ ΕΚ ΤΗΣ 1ης ΣΕΛΙΔΟΣ

Κατὰ τὰς πληροφορίας ἐκ τῶν ἁρμοδίων κύκλων, ἡ κίνησις συνεχίζεται κανονικῶς καὶ αἱ ἀρχαὶ ἐπιβλέπουν τὴν ἐφαρμογὴν τῶν μέτρων. Ὁ ἀνταποκριτὴς μας τηλεγραφεῖ ὅτι τὸ ζήτημα θὰ ἐξετασθῇ κατὰ τὴν προσεχῆ συνεδρίασιν, ὁπότε θὰ ληφθοῦν αἱ ὁριστικαὶ ἀποφάσεις.

Κατὰ τὰς πληροφορίας ἐκ τῶν ἁρμοδίων κύκλων, ἡ κίνησις συνεχίζεται κανονικῶς καὶ αἱ ἀρχαὶ ἐπιβλέπουν τὴν ἐφαρμογὴν τῶν μέτρων. Ὁ ἀνταποκριτὴς μας τηλεγραφεῖ ὅτι τὸ ζήτημα θὰ ἐξετασθῇ κατὰ τὴν προσεχῆ συνεδρίασιν, ὁπότε θὰ ληφθοῦν αἱ ὁριστικαὶ ἀποφάσεις.

Κατὰ τὰς πληροφορίας ἐκ τῶν ἁρμοδίων κύκλων, ἡ κίνησις συνεχίζεται κανονικῶς καὶ αἱ ἀρχαὶ ἐπιβλέπουν τὴν ἐφαρμογὴν τῶν μέτρων. Ὁ ἀνταποκριτὴς μας τηλεγραφεῖ ὅτι τὸ ζήτημα θὰ ἐξετασθῇ κατὰ τὴν προσεχῆ συνεδρίασιν, ὁπότε θὰ ληφθοῦν αἱ ὁριστικαὶ ἀποφάσεις.

Κατὰ τὰς πληροφορίας ἐκ τῶν ἁρμοδίων κύκλων, ἡ κίνησις συνεχίζεται κανονικῶς καὶ αἱ ἀρχαὶ ἐπιβλέπουν τὴν ἐφαρμογὴν τῶν μέτρων. Ὁ ἀνταποκριτὴς μας τηλεγραφεῖ ὅτι τὸ ζήτημα θὰ ἐξετασθῇ κατὰ τὴν προσεχῆ συνεδρίασιν, ὁπότε θὰ ληφθοῦν αἱ ὁριστικαὶ ἀποφάσεις.

Κατὰ τὰς πληροφορίας ἐκ τῶν ἁρμοδίων κύκλων, ἡ κίνησις συνεχίζεται κανονικῶς καὶ αἱ ἀρχαὶ ἐπιβλέπουν τὴν ἐφαρμογὴν τῶν μέτρων. Ὁ ἀνταποκριτὴς μας τηλεγραφεῖ ὅτι τὸ ζήτημα θὰ ἐξετασθῇ κατὰ τὴν προσεχῆ συνεδρίασιν, ὁπότε θὰ ληφθοῦν αἱ ὁριστικαὶ ἀποφάσεις.

Κατὰ τὰς πληροφορίας ἐκ τῶν ἁρμοδίων κύκλων, ἡ κίνησις συνεχίζεται κανονικῶς καὶ αἱ ἀρχαὶ ἐπιβλέπουν τὴν ἐφαρμογὴν τῶν μέτρων. Ὁ ἀνταποκριτὴς μας τηλεγραφεῖ ὅτι τὸ ζήτημα θὰ ἐξετασθῇ κατὰ τὴν προσεχῆ συνεδρίασιν, ὁπότε θὰ ληφθοῦν αἱ ὁριστικαὶ ἀποφάσεις.

ΝΕΑΙ ΔΙΔΑΣΚΑΛΙΑΙ ΕΚ ΤΟΥ ΑΡΣΑΚΕΙΟΥ ΠΑΤΡΩΝ

Κατὰ τὰς πληροφορίας ἐκ τῶν ἁρμοδίων κύκλων, ἡ κίνησις συνεχίζεται κανονικῶς καὶ αἱ ἀρχαὶ ἐπιβλέπουν τὴν ἐφαρμογὴν τῶν μέτρων. Ὁ ἀνταποκριτὴς μας τηλεγραφεῖ ὅτι τὸ ζήτημα θὰ ἐξετασθῇ κατὰ τὴν προσεχῆ συνεδρίασιν, ὁπότε θὰ ληφθοῦν αἱ ὁριστικαὶ ἀποφάσεις.

ΟΙ ΛΑΤΟΜΟΙ ΑΘΗΝΩΝ

Κατὰ τὰς πληροφορίας ἐκ τῶν ἁρμοδίων κύκλων, ἡ κίνησις συνεχίζεται κανονικῶς καὶ αἱ ἀρχαὶ ἐπιβλέπουν τὴν ἐφαρμογὴν τῶν μέτρων. Ὁ ἀνταποκριτὴς μας τηλεγραφεῖ ὅτι τὸ ζήτημα θὰ ἐξετασθῇ κατὰ τὴν προσεχῆ συνεδρίασιν, ὁπότε θὰ ληφθοῦν αἱ ὁριστικαὶ ἀποφάσεις.

ΣΧΟΛΗΣ ΕΜΠΟΡΟΠΛΟΙΑΡΧΩΝ
ΝΕΑ ΤΜΗΜΑΤΑ
Εἰς τὸ Φροντιστήριο Π. Ε. ΠΑΠΑΤΣΑΝΑΚΗ
Τσαουδάρ καὶ Πραξιτέλους 116 α, Τηλ. 47.705, ΠΕΙΡΑΙΕΥΣ
ΙΠΠΟΔΡΟΜΙΑΚΑ ΝΕΑ

Κατὰ τὰς πληροφορίας ἐκ τῶν ἁρμοδίων κύκλων, ἡ κίνησις συνεχίζεται κανονικῶς καὶ αἱ ἀρχαὶ ἐπιβλέπουν τὴν ἐφαρμογὴν τῶν μέτρων. Ὁ ἀνταποκριτὴς μας τηλεγραφεῖ ὅτι τὸ ζήτημα θὰ ἐξετασθῇ κατὰ τὴν προσεχῆ συνεδρίασιν, ὁπότε θὰ ληφθοῦν αἱ ὁριστικαὶ ἀποφάσεις.

ΠΙΘΑΝΟΙ ΝΙΚΗΤΑΙ

Κατὰ τὰς πληροφορίας ἐκ τῶν ἁρμοδίων κύκλων, ἡ κίνησις συνεχίζεται κανονικῶς καὶ αἱ ἀρχαὶ ἐπιβλέπουν τὴν ἐφαρμογὴν τῶν μέτρων. Ὁ ἀνταποκριτὴς μας τηλεγραφεῖ ὅτι τὸ ζήτημα θὰ ἐξετασθῇ κατὰ τὴν προσεχῆ συνεδρίασιν, ὁπότε θὰ ληφθοῦν αἱ ὁριστικαὶ ἀποφάσεις.

ΟΙ ΕΡΓΑΖΟΜΕΝΟΙ ΙΠΠΟΙ ΔΙΑ ΤΟ ΕΘΝΙΚΟΝ ΕΡΙΟΝ

Κατὰ τὰς πληροφορίας ἐκ τῶν ἁρμοδίων κύκλων, ἡ κίνησις συνεχίζεται κανονικῶς καὶ αἱ ἀρχαὶ ἐπιβλέπουν τὴν ἐφαρμογὴν τῶν μέτρων. Ὁ ἀνταποκριτὴς μας τηλεγραφεῖ ὅτι τὸ ζήτημα θὰ ἐξετασθῇ κατὰ τὴν προσεχῆ συνεδρίασιν, ὁπότε θὰ ληφθοῦν αἱ ὁριστικαὶ ἀποφάσεις.

ΚΑΤΑΓΓΕΛΙΑΙ
καὶ διαμαρτυρίαι

Κατὰ τὰς πληροφορίας ἐκ τῶν ἁρμοδίων κύκλων, ἡ κίνησις συνεχίζεται κανονικῶς καὶ αἱ ἀρχαὶ ἐπιβλέπουν τὴν ἐφαρμογὴν τῶν μέτρων. Ὁ ἀνταποκριτὴς μας τηλεγραφεῖ ὅτι τὸ ζήτημα θὰ ἐξετασθῇ κατὰ τὴν προσεχῆ συνεδρίασιν, ὁπότε θὰ ληφθοῦν αἱ ὁριστικαὶ ἀποφάσεις.

Κατὰ τὰς πληροφορίας ἐκ τῶν ἁρμοδίων κύκλων, ἡ κίνησις συνεχίζεται κανονικῶς καὶ αἱ ἀρχαὶ ἐπιβλέπουν τὴν ἐφαρμογὴν τῶν μέτρων. Ὁ ἀνταποκριτὴς μας τηλεγραφεῖ ὅτι τὸ ζήτημα θὰ ἐξετασθῇ κατὰ τὴν προσεχῆ συνεδρίασιν, ὁπότε θὰ ληφθοῦν αἱ ὁριστικαὶ ἀποφάσεις.

Κατὰ τὰς πληροφορίας ἐκ τῶν ἁρμοδίων κύκλων, ἡ κίνησις συνεχίζεται κανονικῶς καὶ αἱ ἀρχαὶ ἐπιβλέπουν τὴν ἐφαρμογὴν τῶν μέτρων. Ὁ ἀνταποκριτὴς μας τηλεγραφεῖ ὅτι τὸ ζήτημα θὰ ἐξετασθῇ κατὰ τὴν προσεχῆ συνεδρίασιν, ὁπότε θὰ ληφθοῦν αἱ ὁριστικαὶ ἀποφάσεις.

ΑΘΡΟΑΙ ΑΠΟΛΥΣΕΙΣ ΕΡΓΑΤΩΝ ΕΙΣ ΡΟΔΟΝ

Κατὰ τὰς πληροφορίας ἐκ τῶν ἁρμοδίων κύκλων, ἡ κίνησις συνεχίζεται κανονικῶς καὶ αἱ ἀρχαὶ ἐπιβλέπουν τὴν ἐφαρμογὴν τῶν μέτρων. Ὁ ἀνταποκριτὴς μας τηλεγραφεῖ ὅτι τὸ ζήτημα θὰ ἐξετασθῇ κατὰ τὴν προσεχῆ συνεδρίασιν, ὁπότε θὰ ληφθοῦν αἱ ὁριστικαὶ ἀποφάσεις.

ΑΠΑΓΟΡΕΥΣΙΣ ΠΑΟΠΗ

Κατὰ τὰς πληροφορίας ἐκ τῶν ἁρμοδίων κύκλων, ἡ κίνησις συνεχίζεται κανονικῶς καὶ αἱ ἀρχαὶ ἐπιβλέπουν τὴν ἐφαρμογὴν τῶν μέτρων. Ὁ ἀνταποκριτὴς μας τηλεγραφεῖ ὅτι τὸ ζήτημα θὰ ἐξετασθῇ κατὰ τὴν προσεχῆ συνεδρίασιν, ὁπότε θὰ ληφθοῦν αἱ ὁριστικαὶ ἀποφάσεις.

Κατὰ τὰς πληροφορίας ἐκ τῶν ἁρμοδίων κύκλων, ἡ κίνησις συνεχίζεται κανονικῶς καὶ αἱ ἀρχαὶ ἐπιβλέπουν τὴν ἐφαρμογὴν τῶν μέτρων. Ὁ ἀνταποκριτὴς μας τηλεγραφεῖ ὅτι τὸ ζήτημα θὰ ἐξετασθῇ κατὰ τὴν προσεχῆ συνεδρίασιν, ὁπότε θὰ ληφθοῦν αἱ ὁριστικαὶ ἀποφάσεις.

ΒΟΛΗ ΠΥΡΟΒΟΛΙΚΟΥ

Κατὰ τὰς πληροφορίας ἐκ τῶν ἁρμοδίων κύκλων, ἡ κίνησις συνεχίζεται κανονικῶς καὶ αἱ ἀρχαὶ ἐπιβλέπουν τὴν ἐφαρμογὴν τῶν μέτρων. Ὁ ἀνταποκριτὴς μας τηλεγραφεῖ ὅτι τὸ ζήτημα θὰ ἐξετασθῇ κατὰ τὴν προσεχῆ συνεδρίασιν, ὁπότε θὰ ληφθοῦν αἱ ὁριστικαὶ ἀποφάσεις.

Thor
Η ΚΑΛΛΙΤΕΡΑ ΗΛΕΚΤΡΙΚΑ ΠΛΥΝΤΗΡΙΑ
Η ΒΑΡΙΑ ΚΑΤΑΣΚΕΥΗ ΤΩΝ ΠΛΥΝΤΗΡΙΩΝ ΘΟΡ ΑΠΟΚΛΕΙΕΙ ΟΠΟΙΑΝΔΗΠΟΤΕ ΦΘΟΡΑΝ ΤΩΝ ΡΟΥΧΩΝ
Μοντέλα 1955
ΒΑΡΥΤΑΤΗ ΚΑΤΑΣΚΕΥΗ
ΜΕΓΑΛΗ ΧΩΡΗΤΙΚΟΤΗΣ
ΗΛΕΚΤΡΟΝΙΚΗ ΕΓΓΥΗΣΙΣ
ΑΘΟΡΥΒΟΣ ΛΕΙΤΟΥΡΓΙΑ
ΚΑΔΟΣ ΡΟΥΧΩΝ ΕΞ ΑΝΟΞΕΙΔΩΤΟΥ ΧΑΛΥΒΟΣ
ΩΡΟΛΟΓΙΑΚΟΣ ΚΩΔΩΝ ΕΛΕΓΧΟΥ ΛΕΙΤΟΥΡΓΙΑΣ
Εὐκολία Πληρωμῆς
ΓΕΝ. ΑΝΤΙΠΡΟΣΩΠΟΙ
ΡΑΔΙΟΗΛΕΚΤΡΙΚΗ
ΑΘΗΝΑΙ: ΔΡΑΓΑΤΣΑΝΙΟΥ 1 ΤΗΛ. 25.889
ΘΕΣ/ΝΙΚΗ: ΤΣΙΜΙΣΚΗ 46	ΤΗΛ. 78.915
ΠΡΟΕΤΟΙΜΑΖΕΤΑΙ ΕΙΣ ΤΗΝ ΛΑΡΙΣΑΝ ΤΟ ΣΥΛΛΑΛΗΤΗΡΙΟΝ ΤΩΝ ΠΑΡΑΓΩΓΩΝ ΕΝΑΝΤΙΟΝ ΤΩΝ ΜΕΤΡΩΝ ΔΙΑ ΤΟΝ ΣΙΤΟΝ
ΑΠΟΦΑΣΕΙΣ ΤΟΥ ΔΗΜΟΥ ΛΑΡΙΣΗΣ

Κατὰ τὰς πληροφορίας ἐκ τῶν ἁρμοδίων κύκλων, ἡ κίνησις συνεχίζεται κανονικῶς καὶ αἱ ἀρχαὶ ἐπιβλέπουν τὴν ἐφαρμογὴν τῶν μέτρων. Ὁ ἀνταποκριτὴς μας τηλεγραφεῖ ὅτι τὸ ζήτημα θὰ ἐξετασθῇ κατὰ τὴν προσεχῆ συνεδρίασιν, ὁπότε θὰ ληφθοῦν αἱ ὁριστικαὶ ἀποφάσεις.

Κατὰ τὰς πληροφορίας ἐκ τῶν ἁρμοδίων κύκλων, ἡ κίνησις συνεχίζεται κανονικῶς καὶ αἱ ἀρχαὶ ἐπιβλέπουν τὴν ἐφαρμογὴν τῶν μέτρων. Ὁ ἀνταποκριτὴς μας τηλεγραφεῖ ὅτι τὸ ζήτημα θὰ ἐξετασθῇ κατὰ τὴν προσεχῆ συνεδρίασιν, ὁπότε θὰ ληφθοῦν αἱ ὁριστικαὶ ἀποφάσεις.

ΟΙ ΑΡΤΟΠΟΙΟΙ ΖΗΤΟΥΝ ΧΑΜΗΛΟΤΕΡΟΝ ΠΟΣΟΣΤΟΝ ΑΠΟΔΟΣΕΩΣ ΤΟΥ ΣΙΤΟΥ, ΑΝΑΓΝΩΡΙΣΙΝ ΤΗΣ ΦΥΡΑΣ ΚΑΙ ΚΑΘΟΡΙΣΜΟΝ ΝΟΜΙΜΟΥ ΠΟΣΟΣΤΟΥ ΚΕΡΔΟΥΣ

Κατὰ τὰς πληροφορίας ἐκ τῶν ἁρμοδίων κύκλων, ἡ κίνησις συνεχίζεται κανονικῶς καὶ αἱ ἀρχαὶ ἐπιβλέπουν τὴν ἐφαρμογὴν τῶν μέτρων. Ὁ ἀνταποκριτὴς μας τηλεγραφεῖ ὅτι τὸ ζήτημα θὰ ἐξετασθῇ κατὰ τὴν προσεχῆ συνεδρίασιν, ὁπότε θὰ ληφθοῦν αἱ ὁριστικαὶ ἀποφάσεις.

Κατὰ τὰς πληροφορίας ἐκ τῶν ἁρμοδίων κύκλων, ἡ κίνησις συνεχίζεται κανονικῶς καὶ αἱ ἀρχαὶ ἐπιβλέπουν τὴν ἐφαρμογὴν τῶν μέτρων. Ὁ ἀνταποκριτὴς μας τηλεγραφεῖ ὅτι τὸ ζήτημα θὰ ἐξετασθῇ κατὰ τὴν προσεχῆ συνεδρίασιν, ὁπότε θὰ ληφθοῦν αἱ ὁριστικαὶ ἀποφάσεις.

Κατὰ τὰς πληροφορίας ἐκ τῶν ἁρμοδίων κύκλων, ἡ κίνησις συνεχίζεται κανονικῶς καὶ αἱ ἀρχαὶ ἐπιβλέπουν τὴν ἐφαρμογὴν τῶν μέτρων. Ὁ ἀνταποκριτὴς μας τηλεγραφεῖ ὅτι τὸ ζήτημα θὰ ἐξετασθῇ κατὰ τὴν προσεχῆ συνεδρίασιν, ὁπότε θὰ ληφθοῦν αἱ ὁριστικαὶ ἀποφάσεις.

Κατὰ τὰς πληροφορίας ἐκ τῶν ἁρμοδίων κύκλων, ἡ κίνησις συνεχίζεται κανονικῶς καὶ αἱ ἀρχαὶ ἐπιβλέπουν τὴν ἐφαρμογὴν τῶν μέτρων. Ὁ ἀνταποκριτὴς μας τηλεγραφεῖ ὅτι τὸ ζήτημα θὰ ἐξετασθῇ κατὰ τὴν προσεχῆ συνεδρίασιν, ὁπότε θὰ ληφθοῦν αἱ ὁριστικαὶ ἀποφάσεις.

ΔΗΜΟΣΙΕΥΟΝΤΑΙ ΤΑ ΟΝΟΜΑΤΑ ΤΩΝ ΑΠΟΣΤΡΑΤΕΥΟΜΕΝΩΝ ΚΑΙ ΠΡΟΑΓΟΜΕΝΩΝ ΑΞΙΩΜΑΤΙΚΩΝ ΤΗΣ ΧΩΡΟΦΥΛΑΚΗΣ

Κατὰ τὰς πληροφορίας ἐκ τῶν ἁρμοδίων κύκλων, ἡ κίνησις συνεχίζεται κανονικῶς καὶ αἱ ἀρχαὶ ἐπιβλέπουν τὴν ἐφαρμογὴν τῶν μέτρων. Ὁ ἀνταποκριτὴς μας τηλεγραφεῖ ὅτι τὸ ζήτημα θὰ ἐξετασθῇ κατὰ τὴν προσεχῆ συνεδρίασιν, ὁπότε θὰ ληφθοῦν αἱ ὁριστικαὶ ἀποφάσεις.

Κατὰ τὰς πληροφορίας ἐκ τῶν ἁρμοδίων κύκλων, ἡ κίνησις συνεχίζεται κανονικῶς καὶ αἱ ἀρχαὶ ἐπιβλέπουν τὴν ἐφαρμογὴν τῶν μέτρων. Ὁ ἀνταποκριτὴς μας τηλεγραφεῖ ὅτι τὸ ζήτημα θὰ ἐξετασθῇ κατὰ τὴν προσεχῆ συνεδρίασιν, ὁπότε θὰ ληφθοῦν αἱ ὁριστικαὶ ἀποφάσεις.

Κατὰ τὰς πληροφορίας ἐκ τῶν ἁρμοδίων κύκλων, ἡ κίνησις συνεχίζεται κανονικῶς καὶ αἱ ἀρχαὶ ἐπιβλέπουν τὴν ἐφαρμογὴν τῶν μέτρων. Ὁ ἀνταποκριτὴς μας τηλεγραφεῖ ὅτι τὸ ζήτημα θὰ ἐξετασθῇ κατὰ τὴν προσεχῆ συνεδρίασιν, ὁπότε θὰ ληφθοῦν αἱ ὁριστικαὶ ἀποφάσεις.

Κατὰ τὰς πληροφορίας ἐκ τῶν ἁρμοδίων κύκλων, ἡ κίνησις συνεχίζεται κανονικῶς καὶ αἱ ἀρχαὶ ἐπιβλέπουν τὴν ἐφαρμογὴν τῶν μέτρων. Ὁ ἀνταποκριτὴς μας τηλεγραφεῖ ὅτι τὸ ζήτημα θὰ ἐξετασθῇ κατὰ τὴν προσεχῆ συνεδρίασιν, ὁπότε θὰ ληφθοῦν αἱ ὁριστικαὶ ἀποφάσεις.

Κατὰ τὰς πληροφορίας ἐκ τῶν ἁρμοδίων κύκλων, ἡ κίνησις συνεχίζεται κανονικῶς καὶ αἱ ἀρχαὶ ἐπιβλέπουν τὴν ἐφαρμογὴν τῶν μέτρων. Ὁ ἀνταποκριτὴς μας τηλεγραφεῖ ὅτι τὸ ζήτημα θὰ ἐξετασθῇ κατὰ τὴν προσεχῆ συνεδρίασιν, ὁπότε θὰ ληφθοῦν αἱ ὁριστικαὶ ἀποφάσεις.

Κατὰ τὰς πληροφορίας ἐκ τῶν ἁρμοδίων κύκλων, ἡ κίνησις συνεχίζεται κανονικῶς καὶ αἱ ἀρχαὶ ἐπιβλέπουν τὴν ἐφαρμογὴν τῶν μέτρων. Ὁ ἀνταποκριτὴς μας τηλεγραφεῖ ὅτι τὸ ζήτημα θὰ ἐξετασθῇ κατὰ τὴν προσεχῆ συνεδρίασιν, ὁπότε θὰ ληφθοῦν αἱ ὁριστικαὶ ἀποφάσεις.

ΔΙΑΜΑΡΤΥΡΙΑ ΤΩΝ ΓΕΩΡΓΙΚΩΝ ΣΥΝΕΤΑΙΡΙΣΜΩΝ ΗΡΑΚΛΕΙΟΥ ΔΙΑ ΤΗΝ ΕΙΣΑΓΩΓΗΝ ΣΠΟΡΕΛΑΙΩΝ

Κατὰ τὰς πληροφορίας ἐκ τῶν ἁρμοδίων κύκλων, ἡ κίνησις συνεχίζεται κανονικῶς καὶ αἱ ἀρχαὶ ἐπιβλέπουν τὴν ἐφαρμογὴν τῶν μέτρων. Ὁ ἀνταποκριτὴς μας τηλεγραφεῖ ὅτι τὸ ζήτημα θὰ ἐξετασθῇ κατὰ τὴν προσεχῆ συνεδρίασιν, ὁπότε θὰ ληφθοῦν αἱ ὁριστικαὶ ἀποφάσεις.

Κατὰ τὰς πληροφορίας ἐκ τῶν ἁρμοδίων κύκλων, ἡ κίνησις συνεχίζεται κανονικῶς καὶ αἱ ἀρχαὶ ἐπιβλέπουν τὴν ἐφαρμογὴν τῶν μέτρων. Ὁ ἀνταποκριτὴς μας τηλεγραφεῖ ὅτι τὸ ζήτημα θὰ ἐξετασθῇ κατὰ τὴν προσεχῆ συνεδρίασιν, ὁπότε θὰ ληφθοῦν αἱ ὁριστικαὶ ἀποφάσεις.

Κατὰ τὰς πληροφορίας ἐκ τῶν ἁρμοδίων κύκλων, ἡ κίνησις συνεχίζεται κανονικῶς καὶ αἱ ἀρχαὶ ἐπιβλέπουν τὴν ἐφαρμογὴν τῶν μέτρων. Ὁ ἀνταποκριτὴς μας τηλεγραφεῖ ὅτι τὸ ζήτημα θὰ ἐξετασθῇ κατὰ τὴν προσεχῆ συνεδρίασιν, ὁπότε θὰ ληφθοῦν αἱ ὁριστικαὶ ἀποφάσεις.

Κατὰ τὰς πληροφορίας ἐκ τῶν ἁρμοδίων κύκλων, ἡ κίνησις συνεχίζεται κανονικῶς καὶ αἱ ἀρχαὶ ἐπιβλέπουν τὴν ἐφαρμογὴν τῶν μέτρων. Ὁ ἀνταποκριτὴς μας τηλεγραφεῖ ὅτι τὸ ζήτημα θὰ ἐξετασθῇ κατὰ τὴν προσεχῆ συνεδρίασιν, ὁπότε θὰ ληφθοῦν αἱ ὁριστικαὶ ἀποφάσεις.

ΕΝΘΟΥΣΙΩΔΕΙΣ ΚΡΙΣΕΙΣ ΤΩΝ ΙΤΑΛΩΝ ΠΡΟΣΚΕΚΛΗΜΕΝΩΝ ΔΙΑ ΤΑΣ ΠΑΡΑΣΤΑΣΕΙΣ ΤΟΥ ΦΕΣΤΙΒΑΛ ΕΠΙΔΑΥΡΟΥ

Κατὰ τὰς πληροφορίας ἐκ τῶν ἁρμοδίων κύκλων, ἡ κίνησις συνεχίζεται κανονικῶς καὶ αἱ ἀρχαὶ ἐπιβλέπουν τὴν ἐφαρμογὴν τῶν μέτρων. Ὁ ἀνταποκριτὴς μας τηλεγραφεῖ ὅτι τὸ ζήτημα θὰ ἐξετασθῇ κατὰ τὴν προσεχῆ συνεδρίασιν, ὁπότε θὰ ληφθοῦν αἱ ὁριστικαὶ ἀποφάσεις.

Κατὰ τὰς πληροφορίας ἐκ τῶν ἁρμοδίων κύκλων, ἡ κίνησις συνεχίζεται κανονικῶς καὶ αἱ ἀρχαὶ ἐπιβλέπουν τὴν ἐφαρμογὴν τῶν μέτρων. Ὁ ἀνταποκριτὴς μας τηλεγραφεῖ ὅτι τὸ ζήτημα θὰ ἐξετασθῇ κατὰ τὴν προσεχῆ συνεδρίασιν, ὁπότε θὰ ληφθοῦν αἱ ὁριστικαὶ ἀποφάσεις.

Κατὰ τὰς πληροφορίας ἐκ τῶν ἁρμοδίων κύκλων, ἡ κίνησις συνεχίζεται κανονικῶς καὶ αἱ ἀρχαὶ ἐπιβλέπουν τὴν ἐφαρμογὴν τῶν μέτρων. Ὁ ἀνταποκριτὴς μας τηλεγραφεῖ ὅτι τὸ ζήτημα θὰ ἐξετασθῇ κατὰ τὴν προσεχῆ συνεδρίασιν, ὁπότε θὰ ληφθοῦν αἱ ὁριστικαὶ ἀποφάσεις.

Κατὰ τὰς πληροφορίας ἐκ τῶν ἁρμοδίων κύκλων, ἡ κίνησις συνεχίζεται κανονικῶς καὶ αἱ ἀρχαὶ ἐπιβλέπουν τὴν ἐφαρμογὴν τῶν μέτρων. Ὁ ἀνταποκριτὴς μας τηλεγραφεῖ ὅτι τὸ ζήτημα θὰ ἐξετασθῇ κατὰ τὴν προσεχῆ συνεδρίασιν, ὁπότε θὰ ληφθοῦν αἱ ὁριστικαὶ ἀποφάσεις.

ΤΟ 1)3 ΣΧΕΔΟΝ ΤΩΝ ΚΑΤΟΙΚΩΝ ΤΗΣ ΚΡΗΤΗΣ ΕΙΝΑΙ ΑΠΟΡΟΙ

Κατὰ τὰς πληροφορίας ἐκ τῶν ἁρμοδίων κύκλων, ἡ κίνησις συνεχίζεται κανονικῶς καὶ αἱ ἀρχαὶ ἐπιβλέπουν τὴν ἐφαρμογὴν τῶν μέτρων. Ὁ ἀνταποκριτὴς μας τηλεγραφεῖ ὅτι τὸ ζήτημα θὰ ἐξετασθῇ κατὰ τὴν προσεχῆ συνεδρίασιν, ὁπότε θὰ ληφθοῦν αἱ ὁριστικαὶ ἀποφάσεις.

Κατὰ τὰς πληροφορίας ἐκ τῶν ἁρμοδίων κύκλων, ἡ κίνησις συνεχίζεται κανονικῶς καὶ αἱ ἀρχαὶ ἐπιβλέπουν τὴν ἐφαρμογὴν τῶν μέτρων. Ὁ ἀνταποκριτὴς μας τηλεγραφεῖ ὅτι τὸ ζήτημα θὰ ἐξετασθῇ κατὰ τὴν προσεχῆ συνεδρίασιν, ὁπότε θὰ ληφθοῦν αἱ ὁριστικαὶ ἀποφάσεις.

ΕΜΕΙΩΘΗ ΤΟ ΤΟΥΡΙΣΤΙΚΟΝ ΡΕΥΜΑ ΕΙΣ ΔΩΔΕΚΑΝΗΣΟΝ

Κατὰ τὰς πληροφορίας ἐκ τῶν ἁρμοδίων κύκλων, ἡ κίνησις συνεχίζεται κανονικῶς καὶ αἱ ἀρχαὶ ἐπιβλέπουν τὴν ἐφαρμογὴν τῶν μέτρων. Ὁ ἀνταποκριτὴς μας τηλεγραφεῖ ὅτι τὸ ζήτημα θὰ ἐξετασθῇ κατὰ τὴν προσεχῆ συνεδρίασιν, ὁπότε θὰ ληφθοῦν αἱ ὁριστικαὶ ἀποφάσεις.

Κατὰ τὰς πληροφορίας ἐκ τῶν ἁρμοδίων κύκλων, ἡ κίνησις συνεχίζεται κανονικῶς καὶ αἱ ἀρχαὶ ἐπιβλέπουν τὴν ἐφαρμογὴν τῶν μέτρων. Ὁ ἀνταποκριτὴς μας τηλεγραφεῖ ὅτι τὸ ζήτημα θὰ ἐξετασθῇ κατὰ τὴν προσεχῆ συνεδρίασιν, ὁπότε θὰ ληφθοῦν αἱ ὁριστικαὶ ἀποφάσεις.

ΑΝΕΓΕΡΣΙΣ ΔΗΜΟΤΙΚΩΝ ΣΧΟΛΕΙΩΝ ΕΙΣ ΜΑΓΝΗΣΙΑΝ

Κατὰ τὰς πληροφορίας ἐκ τῶν ἁρμοδίων κύκλων, ἡ κίνησις συνεχίζεται κανονικῶς καὶ αἱ ἀρχαὶ ἐπιβλέπουν τὴν ἐφαρμογὴν τῶν μέτρων. Ὁ ἀνταποκριτὴς μας τηλεγραφεῖ ὅτι τὸ ζήτημα θὰ ἐξετασθῇ κατὰ τὴν προσεχῆ συνεδρίασιν, ὁπότε θὰ ληφθοῦν αἱ ὁριστικαὶ ἀποφάσεις.

Κατὰ τὰς πληροφορίας ἐκ τῶν ἁρμοδίων κύκλων, ἡ κίνησις συνεχίζεται κανονικῶς καὶ αἱ ἀρχαὶ ἐπιβλέπουν τὴν ἐφαρμογὴν τῶν μέτρων. Ὁ ἀνταποκριτὴς μας τηλεγραφεῖ ὅτι τὸ ζήτημα θὰ ἐξετασθῇ κατὰ τὴν προσεχῆ συνεδρίασιν, ὁπότε θὰ ληφθοῦν αἱ ὁριστικαὶ ἀποφάσεις.

ΑΙ ΕΞΑΓΩΓΑΙ ΚΟΡΙΝΘΙΑΚΗΣ ΣΤΑΦΙΔΟΣ ΕΚ ΠΑΤΡΩΝ

Κατὰ τὰς πληροφορίας ἐκ τῶν ἁρμοδίων κύκλων, ἡ κίνησις συνεχίζεται κανονικῶς καὶ αἱ ἀρχαὶ ἐπιβλέπουν τὴν ἐφαρμογὴν τῶν μέτρων. Ὁ ἀνταποκριτὴς μας τηλεγραφεῖ ὅτι τὸ ζήτημα θὰ ἐξετασθῇ κατὰ τὴν προσεχῆ συνεδρίασιν, ὁπότε θὰ ληφθοῦν αἱ ὁριστικαὶ ἀποφάσεις.

ΔΥΟ ΛΑΘΡΕΜΠΟΡΙΑΙ ΤΣΙΓΑΡΩΝ ΕΙΣ ΠΑΤΡΑΣ

Κατὰ τὰς πληροφορίας ἐκ τῶν ἁρμοδίων κύκλων, ἡ κίνησις συνεχίζεται κανονικῶς καὶ αἱ ἀρχαὶ ἐπιβλέπουν τὴν ἐφαρμογὴν τῶν μέτρων. Ὁ ἀνταποκριτὴς μας τηλεγραφεῖ ὅτι τὸ ζήτημα θὰ ἐξετασθῇ κατὰ τὴν προσεχῆ συνεδρίασιν, ὁπότε θὰ ληφθοῦν αἱ ὁριστικαὶ ἀποφάσεις.

ΟΙ ΠΡΩΤΟΙ ΑΡΙΘΜΟΙ ΕΙΣ ΤΟΝ ΒΟΛΟΝ

Κατὰ τὰς πληροφορίας ἐκ τῶν ἁρμοδίων κύκλων, ἡ κίνησις συνεχίζεται κανονικῶς καὶ αἱ ἀρχαὶ ἐπιβλέπουν τὴν ἐφαρμογὴν τῶν μέτρων. Ὁ ἀνταποκριτὴς μας τηλεγραφεῖ ὅτι τὸ ζήτημα θὰ ἐξετασθῇ κατὰ τὴν προσεχῆ συνεδρίασιν, ὁπότε θὰ ληφθοῦν αἱ ὁριστικαὶ ἀποφάσεις.

ΔΙΑΜΑΡΤΥΡΙΑ ΔΙΑ ΣΥΛΛΗΨΙΝ ΕΡΓΑΤΩΝ

Κατὰ τὰς πληροφορίας ἐκ τῶν ἁρμοδίων κύκλων, ἡ κίνησις συνεχίζεται κανονικῶς καὶ αἱ ἀρχαὶ ἐπιβλέπουν τὴν ἐφαρμογὴν τῶν μέτρων. Ὁ ἀνταποκριτὴς μας τηλεγραφεῖ ὅτι τὸ ζήτημα θὰ ἐξετασθῇ κατὰ τὴν προσεχῆ συνεδρίασιν, ὁπότε θὰ ληφθοῦν αἱ ὁριστικαὶ ἀποφάσεις.

ΕΙΣ ΤΟ ΔΗΜΟΚΡΑΤΙΚΟΝ ΣΥΝΔΙΚΑΛΙΣΤΙΚΟΝ ΧΩΡΙΣΜΑ

Κατὰ τὰς πληροφορίας ἐκ τῶν ἁρμοδίων κύκλων, ἡ κίνησις συνεχίζεται κανονικῶς καὶ αἱ ἀρχαὶ ἐπιβλέπουν τὴν ἐφαρμογὴν τῶν μέτρων. Ὁ ἀνταποκριτὴς μας τηλεγραφεῖ ὅτι τὸ ζήτημα θὰ ἐξετασθῇ κατὰ τὴν προσεχῆ συνεδρίασιν, ὁπότε θὰ ληφθοῦν αἱ ὁριστικαὶ ἀποφάσεις.

Η ΕΚΘΕΣΙΣ ΣΥΝΤΑΞΙΟΥΧΩΝ ΕΚ ΔΙΑ ΤΑΣ ΑΝΑΚΡΙΣΕΙΣ ΚΑΤΑ ΤΗΝ ΚΑΤΑΤΑΞΙΝ

Κατὰ τὰς πληροφορίας ἐκ τῶν ἁρμοδίων κύκλων, ἡ κίνησις συνεχίζεται κανονικῶς καὶ αἱ ἀρχαὶ ἐπιβλέπουν τὴν ἐφαρμογὴν τῶν μέτρων. Ὁ ἀνταποκριτὴς μας τηλεγραφεῖ ὅτι τὸ ζήτημα θὰ ἐξετασθῇ κατὰ τὴν προσεχῆ συνεδρίασιν, ὁπότε θὰ ληφθοῦν αἱ ὁριστικαὶ ἀποφάσεις.

Κατὰ τὰς πληροφορίας ἐκ τῶν ἁρμοδίων κύκλων, ἡ κίνησις συνεχίζεται κανονικῶς καὶ αἱ ἀρχαὶ ἐπιβλέπουν τὴν ἐφαρμογὴν τῶν μέτρων. Ὁ ἀνταποκριτὴς μας τηλεγραφεῖ ὅτι τὸ ζήτημα θὰ ἐξετασθῇ κατὰ τὴν προσεχῆ συνεδρίασιν, ὁπότε θὰ ληφθοῦν αἱ ὁριστικαὶ ἀποφάσεις.

ΠΡΟΣΚΛΗΣΙΣ ΠΟΛΙΤΙΚΩΝ ΜΗΧΑΝΙΚΩΝ ΠΡΟΣ ΚΑΤΑΤΑΞΙΝ

Κατὰ τὰς πληροφορίας ἐκ τῶν ἁρμοδίων κύκλων, ἡ κίνησις συνεχίζεται κανονικῶς καὶ αἱ ἀρχαὶ ἐπιβλέπουν τὴν ἐφαρμογὴν τῶν μέτρων. Ὁ ἀνταποκριτὴς μας τηλεγραφεῖ ὅτι τὸ ζήτημα θὰ ἐξετασθῇ κατὰ τὴν προσεχῆ συνεδρίασιν, ὁπότε θὰ ληφθοῦν αἱ ὁριστικαὶ ἀποφάσεις.

Η ἐξαίρετη ΚΡΕΜΑ ΔΙΑ ΤΟ ΞΥΡΙΣΜΑ
Gerol
